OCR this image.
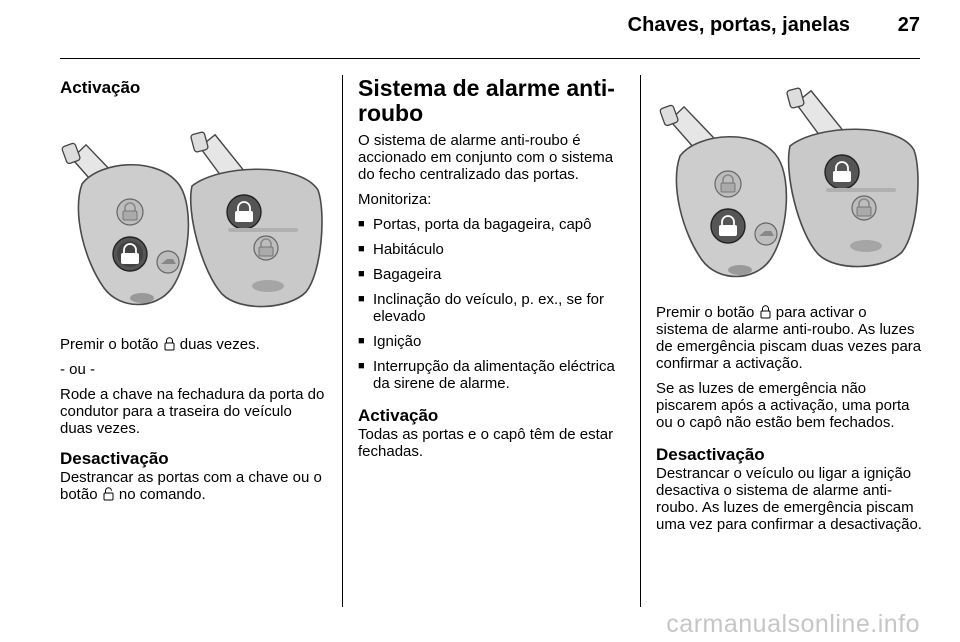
Chaves, portas, janelas 27
Activação

Premir o botão duas vezes.

- ou -

Rode a chave na fechadura da porta do condutor para a traseira do veículo duas vezes.

Desactivação

Destrancar as portas com a chave ou o botão no comando.

Sistema de alarme anti-roubo

O sistema de alarme anti-roubo é accionado em conjunto com o sistema do fecho centralizado das portas.

Monitoriza:

■ Portas, porta da bagageira, capô
■ Habitáculo
■ Bagageira
■ Inclinação do veículo, p. ex., se for elevado
■ Ignição
■ Interrupção da alimentação eléctrica da sirene de alarme.
Activação

Todas as portas e o capô têm de estar fechadas.

Premir o botão para activar o sistema de alarme anti-roubo. As luzes de emergência piscam duas vezes para confirmar a activação.

Se as luzes de emergência não piscarem após a activação, uma porta ou o capô não estão bem fechados.

Desactivação

Destrancar o veículo ou ligar a ignição desactiva o sistema de alarme anti-roubo. As luzes de emergência piscam uma vez para confirmar a desactivação.

carmanualsonline.info
